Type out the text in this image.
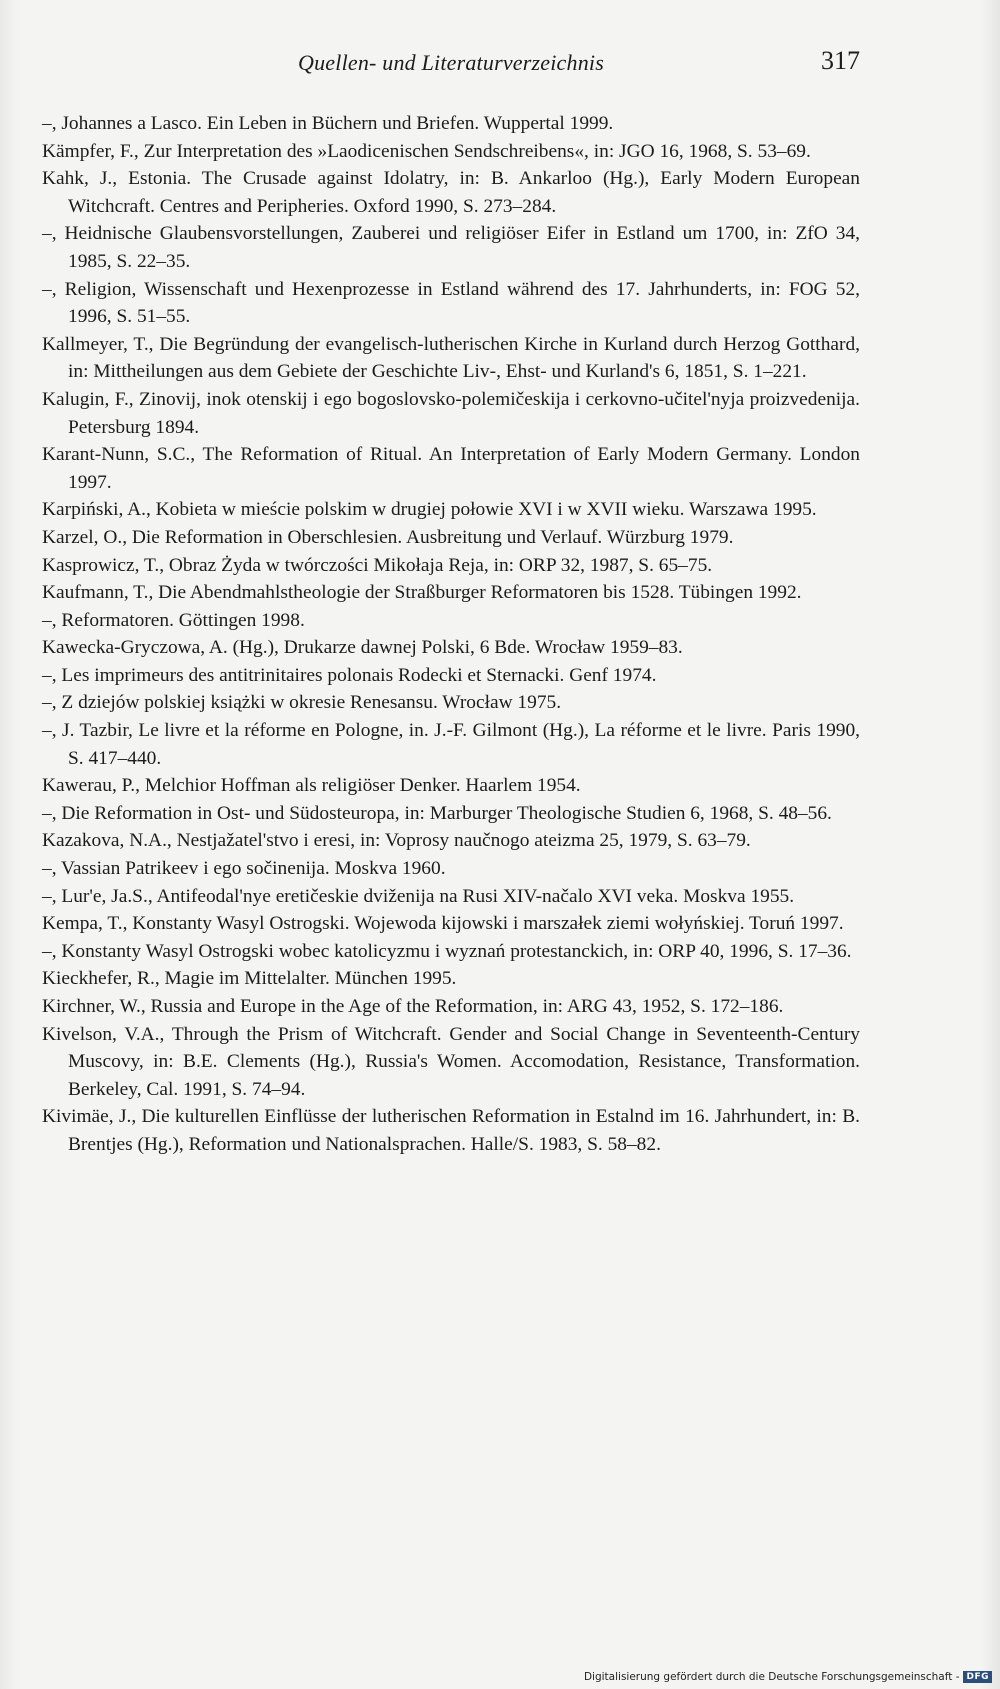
Quellen- und Literaturverzeichnis	317
–, Johannes a Lasco. Ein Leben in Büchern und Briefen. Wuppertal 1999.
Kämpfer, F., Zur Interpretation des »Laodicenischen Sendschreibens«, in: JGO 16, 1968, S. 53–69.
Kahk, J., Estonia. The Crusade against Idolatry, in: B. Ankarloo (Hg.), Early Modern European Witchcraft. Centres and Peripheries. Oxford 1990, S. 273–284.
–, Heidnische Glaubensvorstellungen, Zauberei und religiöser Eifer in Estland um 1700, in: ZfO 34, 1985, S. 22–35.
–, Religion, Wissenschaft und Hexenprozesse in Estland während des 17. Jahrhunderts, in: FOG 52, 1996, S. 51–55.
Kallmeyer, T., Die Begründung der evangelisch-lutherischen Kirche in Kurland durch Herzog Gotthard, in: Mittheilungen aus dem Gebiete der Geschichte Liv-, Ehst- und Kurland's 6, 1851, S. 1–221.
Kalugin, F., Zinovij, inok otenskij i ego bogoslovsko-polemičeskija i cerkovno-učitel'nyja proizvedenija. Petersburg 1894.
Karant-Nunn, S.C., The Reformation of Ritual. An Interpretation of Early Modern Germany. London 1997.
Karpiński, A., Kobieta w mieście polskim w drugiej połowie XVI i w XVII wieku. Warszawa 1995.
Karzel, O., Die Reformation in Oberschlesien. Ausbreitung und Verlauf. Würzburg 1979.
Kasprowicz, T., Obraz Żyda w twórczości Mikołaja Reja, in: ORP 32, 1987, S. 65–75.
Kaufmann, T., Die Abendmahlstheologie der Straßburger Reformatoren bis 1528. Tübingen 1992.
–, Reformatoren. Göttingen 1998.
Kawecka-Gryczowa, A. (Hg.), Drukarze dawnej Polski, 6 Bde. Wrocław 1959–83.
–, Les imprimeurs des antitrinitaires polonais Rodecki et Sternacki. Genf 1974.
–, Z dziejów polskiej książki w okresie Renesansu. Wrocław 1975.
–, J. Tazbir, Le livre et la réforme en Pologne, in. J.-F. Gilmont (Hg.), La réforme et le livre. Paris 1990, S. 417–440.
Kawerau, P., Melchior Hoffman als religiöser Denker. Haarlem 1954.
–, Die Reformation in Ost- und Südosteuropa, in: Marburger Theologische Studien 6, 1968, S. 48–56.
Kazakova, N.A., Nestjažatel'stvo i eresi, in: Voprosy naučnogo ateizma 25, 1979, S. 63–79.
–, Vassian Patrikeev i ego sočinenija. Moskva 1960.
–, Lur'e, Ja.S., Antifeodal'nye eretičeskie dviženija na Rusi XIV-načalo XVI veka. Moskva 1955.
Kempa, T., Konstanty Wasyl Ostrogski. Wojewoda kijowski i marszałek ziemi wołyńskiej. Toruń 1997.
–, Konstanty Wasyl Ostrogski wobec katolicyzmu i wyznań protestanckich, in: ORP 40, 1996, S. 17–36.
Kieckhefer, R., Magie im Mittelalter. München 1995.
Kirchner, W., Russia and Europe in the Age of the Reformation, in: ARG 43, 1952, S. 172–186.
Kivelson, V.A., Through the Prism of Witchcraft. Gender and Social Change in Seventeenth-Century Muscovy, in: B.E. Clements (Hg.), Russia's Women. Accomodation, Resistance, Transformation. Berkeley, Cal. 1991, S. 74–94.
Kivimäe, J., Die kulturellen Einflüsse der lutherischen Reformation in Estalnd im 16. Jahrhundert, in: B. Brentjes (Hg.), Reformation und Nationalsprachen. Halle/S. 1983, S. 58–82.
Digitalisierung gefördert durch die Deutsche Forschungsgemeinschaft - DFG
